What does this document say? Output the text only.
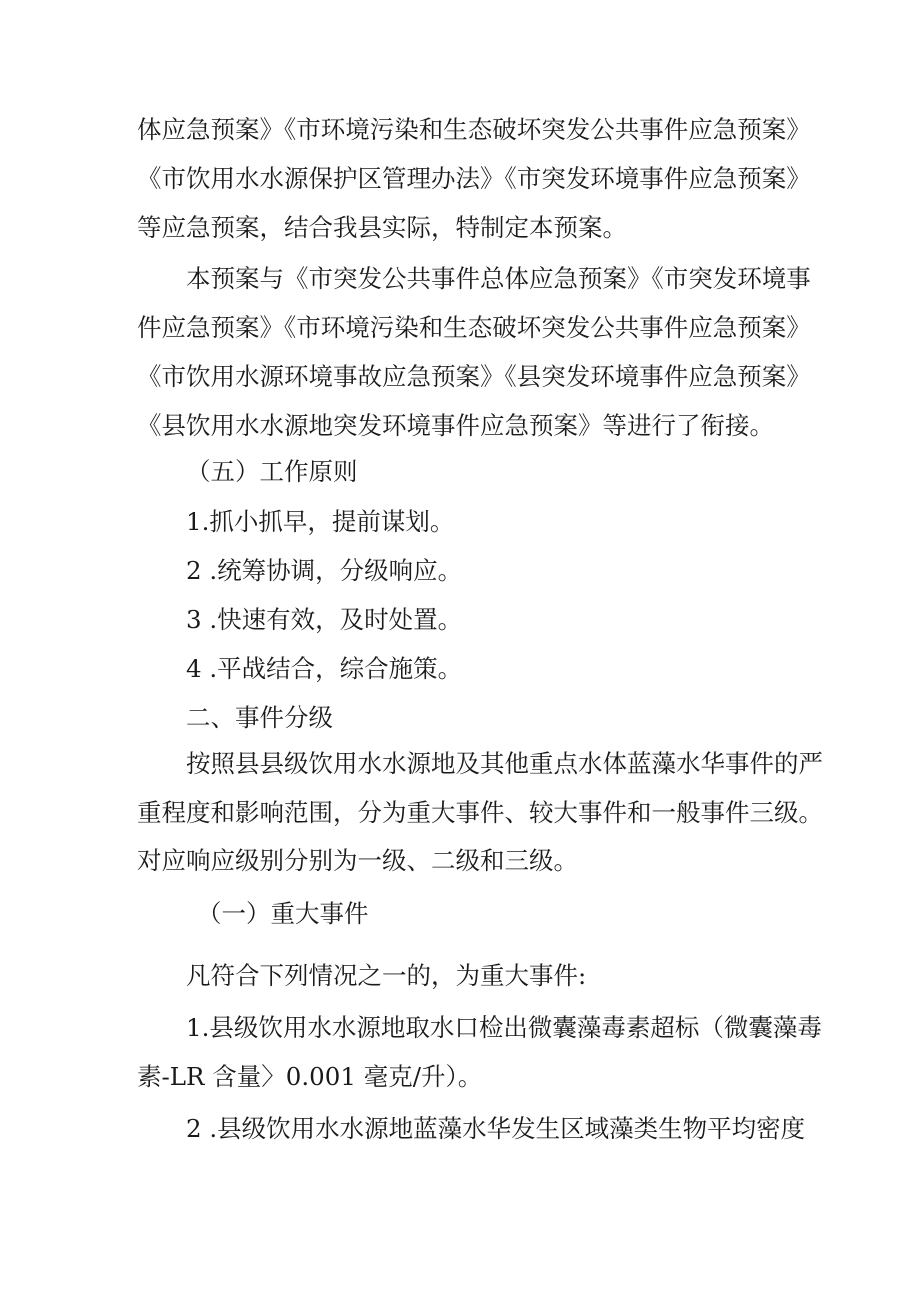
体应急预案》《市环境污染和生态破坏突发公共事件应急预案》
《市饮用水水源保护区管理办法》《市突发环境事件应急预案》
等应急预案，结合我县实际，特制定本预案。
本预案与《市突发公共事件总体应急预案》《市突发环境事
件应急预案》《市环境污染和生态破坏突发公共事件应急预案》
《市饮用水源环境事故应急预案》《县突发环境事件应急预案》
《县饮用水水源地突发环境事件应急预案》等进行了衔接。
（五）工作原则
1.抓小抓早，提前谋划。
2 .统筹协调，分级响应。
3 .快速有效，及时处置。
4 .平战结合，综合施策。
二、事件分级
按照县县级饮用水水源地及其他重点水体蓝藻水华事件的严
重程度和影响范围，分为重大事件、较大事件和一般事件三级。
对应响应级别分别为一级、二级和三级。
（一）重大事件
凡符合下列情况之一的，为重大事件:
1.县级饮用水水源地取水口检出微囊藻毒素超标（微囊藻毒
素-LR 含量〉0.001 毫克/升）。
2 .县级饮用水水源地蓝藻水华发生区域藻类生物平均密度
